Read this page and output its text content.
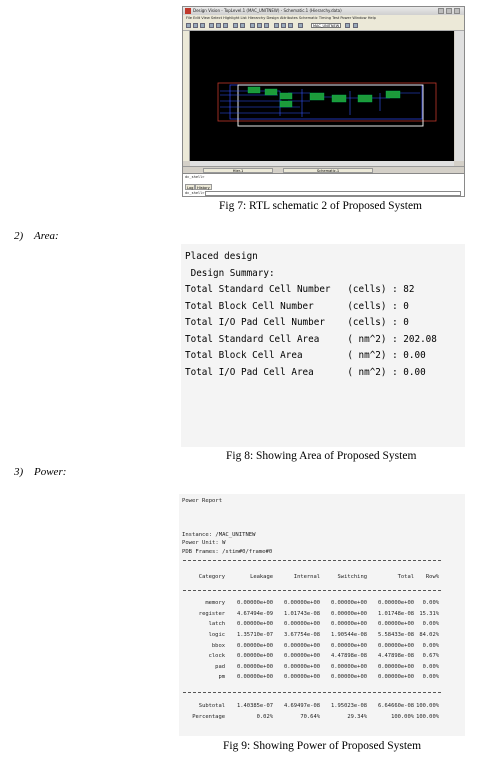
Design Vision - TopLevel.1 (MAC_UNITNEW) - Schematic.1 (Hierarchy.data)
File Edit View Select Highlight List Hierarchy Design Attributes Schematic Timing Test Power Window Help
MAC_UNITNEW
Hier.1	Schematic.1
dc_shell>
Log History
dc_shell>
Fig 7: RTL schematic 2 of Proposed System
2) Area:
Placed design
Design Summary:
Total Standard Cell Number   (cells) : 82
Total Block Cell Number      (cells) : 0
Total I/O Pad Cell Number    (cells) : 0
Total Standard Cell Area     ( nm^2) : 202.08
Total Block Cell Area        ( nm^2) : 0.00
Total I/O Pad Cell Area      ( nm^2) : 0.00
Fig 8: Showing Area of Proposed System
3) Power:
Power Report
Instance: /MAC_UNITNEW
Power Unit: W
PDB Frames: /stim#0/frame#0
Category	Leakage	Internal	Switching	Total	Row%
memory	0.00000e+00	0.00000e+00	0.00000e+00	0.00000e+00	0.00%
register	4.67494e-09	1.01743e-08	0.00000e+00	1.01748e-08	15.31%
latch	0.00000e+00	0.00000e+00	0.00000e+00	0.00000e+00	0.00%
logic	1.35710e-07	3.67754e-08	1.90544e-08	5.58433e-08	84.02%
bbox	0.00000e+00	0.00000e+00	0.00000e+00	0.00000e+00	0.00%
clock	0.00000e+00	0.00000e+00	4.47898e-08	4.47898e-08	0.67%
pad	0.00000e+00	0.00000e+00	0.00000e+00	0.00000e+00	0.00%
pm	0.00000e+00	0.00000e+00	0.00000e+00	0.00000e+00	0.00%
Subtotal	1.40385e-07	4.69497e-08	1.95023e-08	6.64660e-08	100.00%
Percentage	0.02%	70.64%	29.34%	100.00%	100.00%
Fig 9: Showing Power of Proposed System
